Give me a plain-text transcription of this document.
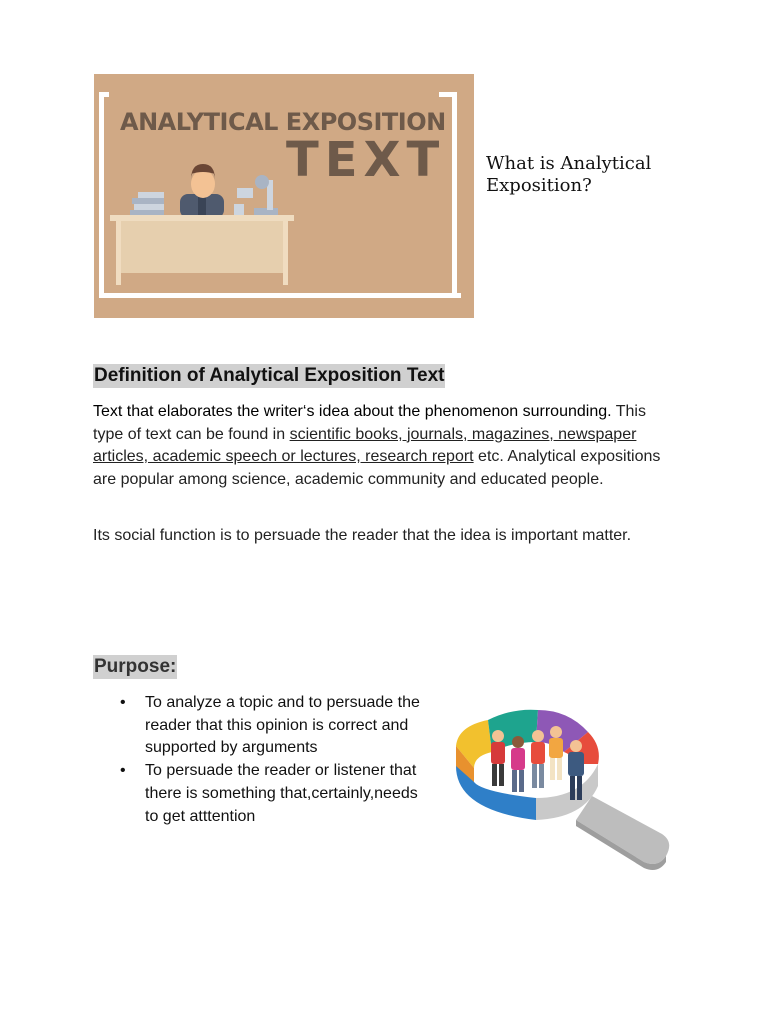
ANALYTICAL EXPOSITION
TEXT What is Analytical Exposition?
Definition of Analytical Exposition Text
Text that elaborates the writer‘s idea about the phenomenon surrounding. This type of text can be found in scientific books, journals, magazines, newspaper articles, academic speech or lectures, research report etc. Analytical expositions are popular among science, academic community and educated people.
Its social function is to persuade the reader that the idea is important matter.
Purpose:
• To analyze a topic and to persuade the reader that this opinion is correct and supported by arguments
• To persuade the reader or listener that there is something that,certainly,needs to get atttention
